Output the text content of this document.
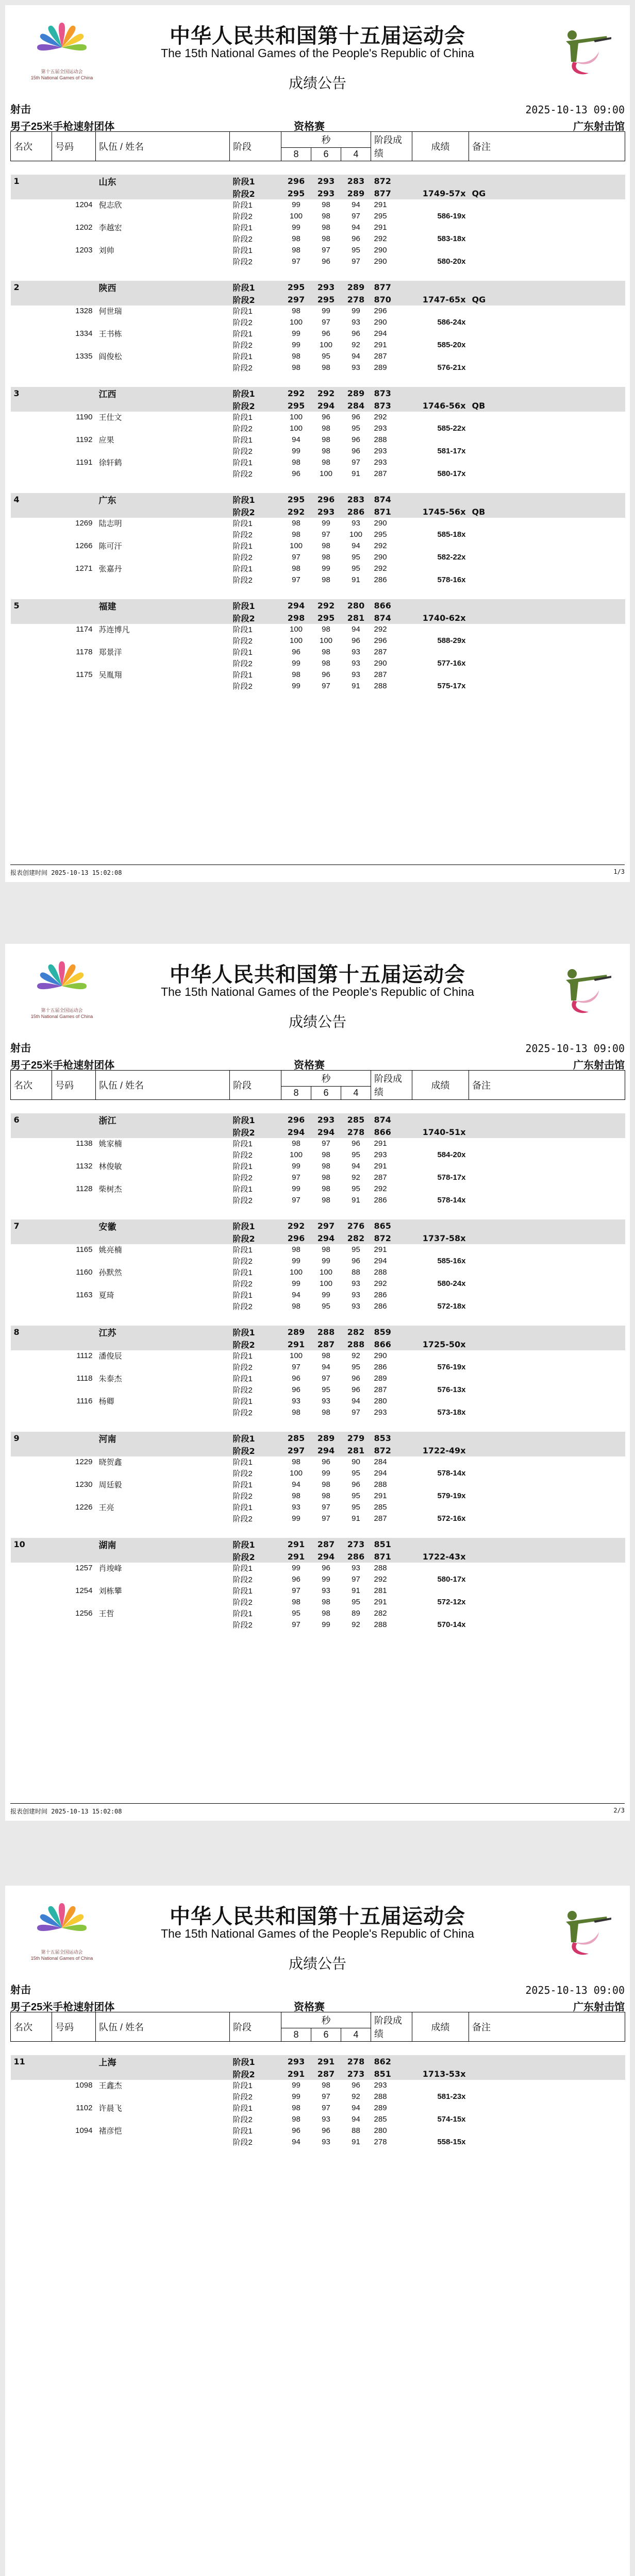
第十五届全国运动会
15th National Games of China
中华人民共和国第十五届运动会
The 15th National Games of the People's Republic of China
成绩公告
射击	2025-10-13 09:00
男子25米手枪速射团体	资格赛	广东射击馆
名次	号码	队伍 / 姓名	阶段	秒			阶段成绩	成绩	备注
				8	6	4			

1		山东	阶段1	296	293	283	872		
			阶段2	295	293	289	877	1749-57x	QG
	1204	倪志欣	阶段1	99	98	94	291		
			阶段2	100	98	97	295	586-19x	
	1202	李越宏	阶段1	99	98	94	291		
			阶段2	98	98	96	292	583-18x	
	1203	刘帅	阶段1	98	97	95	290		
			阶段2	97	96	97	290	580-20x	

2		陕西	阶段1	295	293	289	877		
			阶段2	297	295	278	870	1747-65x	QG
	1328	何世瑞	阶段1	98	99	99	296		
			阶段2	100	97	93	290	586-24x	
	1334	王书栋	阶段1	99	96	96	294		
			阶段2	99	100	92	291	585-20x	
	1335	阎俊松	阶段1	98	95	94	287		
			阶段2	98	98	93	289	576-21x	

3		江西	阶段1	292	292	289	873		
			阶段2	295	294	284	873	1746-56x	QB
	1190	王仕文	阶段1	100	96	96	292		
			阶段2	100	98	95	293	585-22x	
	1192	应果	阶段1	94	98	96	288		
			阶段2	99	98	96	293	581-17x	
	1191	徐轩鹤	阶段1	98	98	97	293		
			阶段2	96	100	91	287	580-17x	

4		广东	阶段1	295	296	283	874		
			阶段2	292	293	286	871	1745-56x	QB
	1269	陆志明	阶段1	98	99	93	290		
			阶段2	98	97	100	295	585-18x	
	1266	陈可汗	阶段1	100	98	94	292		
			阶段2	97	98	95	290	582-22x	
	1271	张嘉丹	阶段1	98	99	95	292		
			阶段2	97	98	91	286	578-16x	

5		福建	阶段1	294	292	280	866		
			阶段2	298	295	281	874	1740-62x	
	1174	苏连博凡	阶段1	100	98	94	292		
			阶段2	100	100	96	296	588-29x	
	1178	郑景洋	阶段1	96	98	93	287		
			阶段2	99	98	93	290	577-16x	
	1175	吴胤翔	阶段1	98	96	93	287		
			阶段2	99	97	91	288	575-17x	
报表创建时间 2025-10-13 15:02:08	1/3
第十五届全国运动会
15th National Games of China
中华人民共和国第十五届运动会
The 15th National Games of the People's Republic of China
成绩公告
射击	2025-10-13 09:00
男子25米手枪速射团体	资格赛	广东射击馆
名次	号码	队伍 / 姓名	阶段	秒			阶段成绩	成绩	备注
				8	6	4			

6		浙江	阶段1	296	293	285	874		
			阶段2	294	294	278	866	1740-51x	
	1138	姚家楠	阶段1	98	97	96	291		
			阶段2	100	98	95	293	584-20x	
	1132	林俊敏	阶段1	99	98	94	291		
			阶段2	97	98	92	287	578-17x	
	1128	柴树杰	阶段1	99	98	95	292		
			阶段2	97	98	91	286	578-14x	

7		安徽	阶段1	292	297	276	865		
			阶段2	296	294	282	872	1737-58x	
	1165	姚亮楠	阶段1	98	98	95	291		
			阶段2	99	99	96	294	585-16x	
	1160	孙默然	阶段1	100	100	88	288		
			阶段2	99	100	93	292	580-24x	
	1163	夏琦	阶段1	94	99	93	286		
			阶段2	98	95	93	286	572-18x	

8		江苏	阶段1	289	288	282	859		
			阶段2	291	287	288	866	1725-50x	
	1112	潘俊辰	阶段1	100	98	92	290		
			阶段2	97	94	95	286	576-19x	
	1118	朱泰杰	阶段1	96	97	96	289		
			阶段2	96	95	96	287	576-13x	
	1116	杨卿	阶段1	93	93	94	280		
			阶段2	98	98	97	293	573-18x	

9		河南	阶段1	285	289	279	853		
			阶段2	297	294	281	872	1722-49x	
	1229	晓贺鑫	阶段1	98	96	90	284		
			阶段2	100	99	95	294	578-14x	
	1230	周廷毅	阶段1	94	98	96	288		
			阶段2	98	98	95	291	579-19x	
	1226	王亮	阶段1	93	97	95	285		
			阶段2	99	97	91	287	572-16x	

10		湖南	阶段1	291	287	273	851		
			阶段2	291	294	286	871	1722-43x	
	1257	肖竣峰	阶段1	99	96	93	288		
			阶段2	96	99	97	292	580-17x	
	1254	刘栋攀	阶段1	97	93	91	281		
			阶段2	98	98	95	291	572-12x	
	1256	王哲	阶段1	95	98	89	282		
			阶段2	97	99	92	288	570-14x	
报表创建时间 2025-10-13 15:02:08	2/3
第十五届全国运动会
15th National Games of China
中华人民共和国第十五届运动会
The 15th National Games of the People's Republic of China
成绩公告
射击	2025-10-13 09:00
男子25米手枪速射团体	资格赛	广东射击馆
名次	号码	队伍 / 姓名	阶段	秒			阶段成绩	成绩	备注
				8	6	4			

11		上海	阶段1	293	291	278	862		
			阶段2	291	287	273	851	1713-53x	
	1098	王鑫杰	阶段1	99	98	96	293		
			阶段2	99	97	92	288	581-23x	
	1102	许晨飞	阶段1	98	97	94	289		
			阶段2	98	93	94	285	574-15x	
	1094	褚彦恺	阶段1	96	96	88	280		
			阶段2	94	93	91	278	558-15x	
